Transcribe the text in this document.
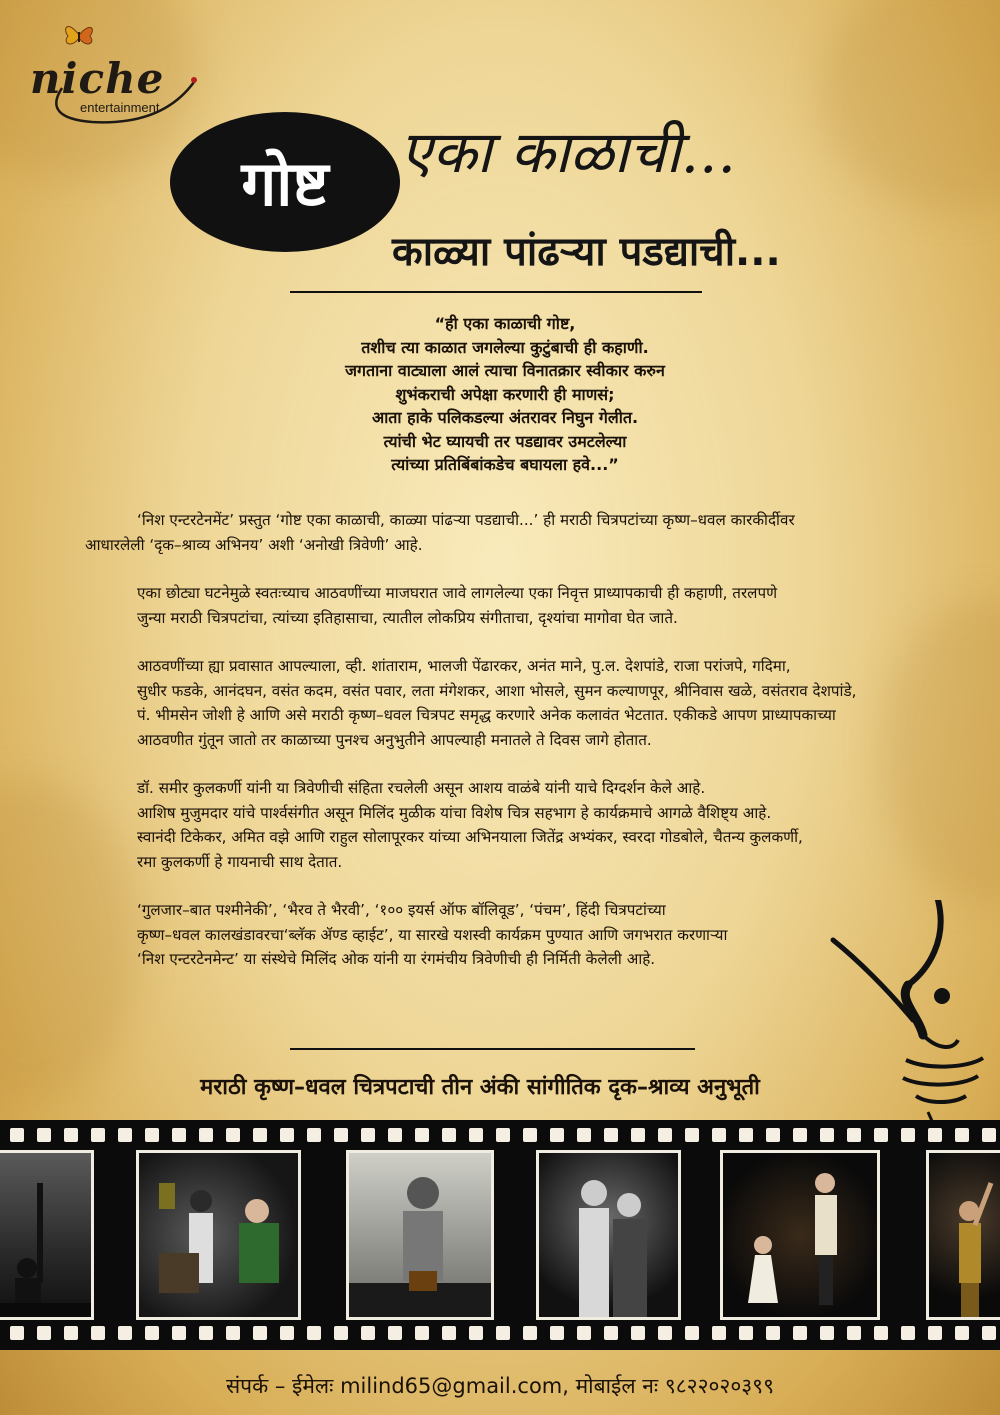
niche
entertainment
गोष्ट	एका काळाची...
काळ्या पांढऱ्या पडद्याची...
“ही एका काळाची गोष्ट,
तशीच त्या काळात जगलेल्या कुटुंबाची ही कहाणी.
जगताना वाट्याला आलं त्याचा विनातक्रार स्वीकार करुन
शुभंकराची अपेक्षा करणारी ही माणसं;
आता हाके पलिकडल्या अंतरावर निघुन गेलीत.
त्यांची भेट घ्यायची तर पडद्यावर उमटलेल्या
त्यांच्या प्रतिबिंबांकडेच बघायला हवे...”

‘निश एन्टरटेनमेंट’ प्रस्तुत ‘गोष्ट एका काळाची, काळ्या पांढऱ्या पडद्याची...’ ही मराठी चित्रपटांच्या कृष्ण–धवल कारकीर्दीवर
आधारलेली ‘दृक–श्राव्य अभिनय’ अशी ‘अनोखी त्रिवेणी’ आहे.

एका छोट्या घटनेमुळे स्वतःच्याच आठवणींच्या माजघरात जावे लागलेल्या एका निवृत्त प्राध्यापकाची ही कहाणी, तरलपणे
जुन्या मराठी चित्रपटांचा, त्यांच्या इतिहासाचा, त्यातील लोकप्रिय संगीताचा, दृश्यांचा मागोवा घेत जाते.

आठवणींच्या ह्या प्रवासात आपल्याला, व्ही. शांताराम, भालजी पेंढारकर, अनंत माने, पु.ल. देशपांडे, राजा परांजपे, गदिमा,
सुधीर फडके, आनंदघन, वसंत कदम, वसंत पवार, लता मंगेशकर, आशा भोसले, सुमन कल्याणपूर, श्रीनिवास खळे, वसंतराव देशपांडे,
पं. भीमसेन जोशी हे आणि असे मराठी कृष्ण–धवल चित्रपट समृद्ध करणारे अनेक कलावंत भेटतात. एकीकडे आपण प्राध्यापकाच्या
आठवणीत गुंतून जातो तर काळाच्या पुनश्च अनुभुतीने आपल्याही मनातले ते दिवस जागे होतात.

डॉ. समीर कुलकर्णी यांनी या त्रिवेणीची संहिता रचलेली असून आशय वाळंबे यांनी याचे दिग्दर्शन केले आहे.
आशिष मुजुमदार यांचे पार्श्वसंगीत असून मिलिंद मुळीक यांचा विशेष चित्र सहभाग हे कार्यक्रमाचे आगळे वैशिष्ट्य आहे.
स्वानंदी टिकेकर, अमित वझे आणि राहुल सोलापूरकर यांच्या अभिनयाला जितेंद्र अभ्यंकर, स्वरदा गोडबोले, चैतन्य कुलकर्णी,
रमा कुलकर्णी हे गायनाची साथ देतात.

‘गुलजार–बात पश्मीनेकी’, ‘भैरव ते भैरवी’, ‘१०० इयर्स ऑफ बॉलिवूड’, ‘पंचम’, हिंदी चित्रपटांच्या
कृष्ण–धवल कालखंडावरचा‘ब्लॅक ॲण्ड व्हाईट’, या सारखे यशस्वी कार्यक्रम पुण्यात आणि जगभरात करणाऱ्या
‘निश एन्टरटेनमेन्ट’ या संस्थेचे मिलिंद ओक यांनी या रंगमंचीय त्रिवेणीची ही निर्मिती केलेली आहे.

मराठी कृष्ण–धवल चित्रपटाची तीन अंकी सांगीतिक दृक–श्राव्य अनुभूती
संपर्क – ईमेलः milind65@gmail.com, मोबाईल नः ९८२२०२०३९९
